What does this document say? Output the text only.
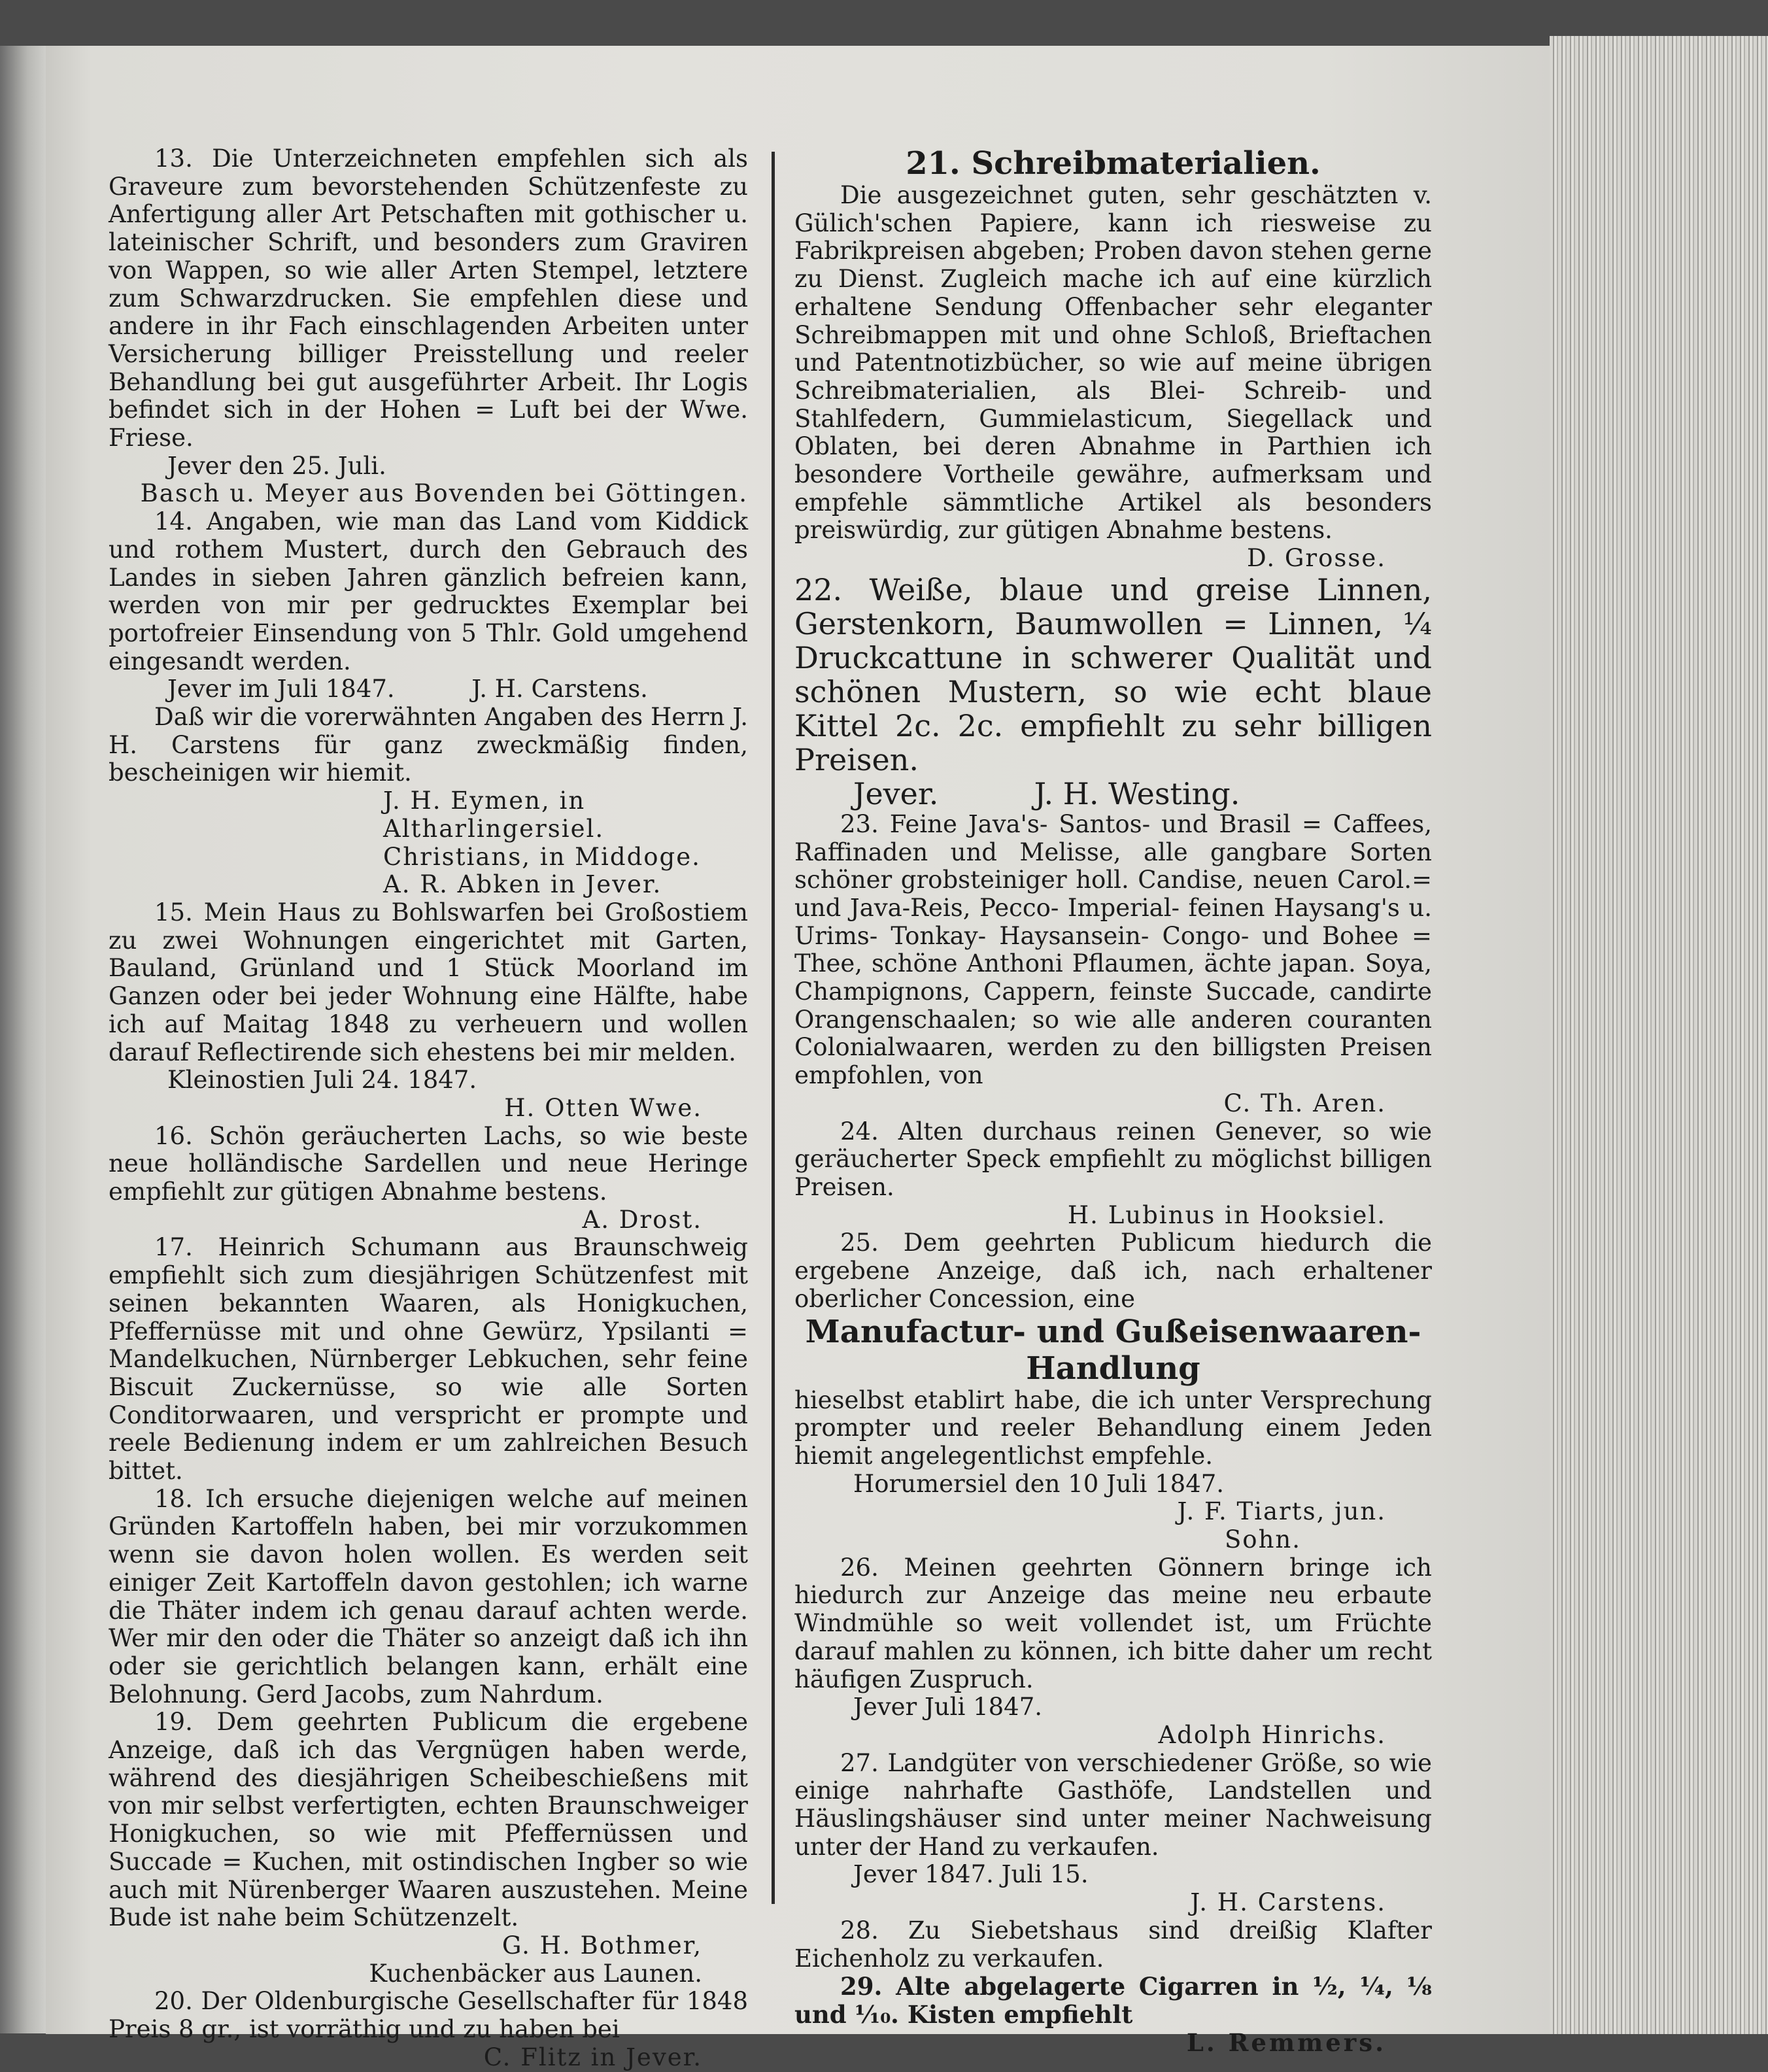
13. Die Unterzeichneten empfehlen sich als Graveure zum bevorstehenden Schützenfeste zu Anfertigung aller Art Petschaften mit gothischer u. lateinischer Schrift, und besonders zum Graviren von Wappen, so wie aller Arten Stempel, letztere zum Schwarzdrucken. Sie empfehlen diese und andere in ihr Fach einschlagenden Arbeiten unter Versicherung billiger Preisstellung und reeler Behandlung bei gut ausgeführter Arbeit. Ihr Logis befindet sich in der Hohen = Luft bei der Wwe. Friese.
Jever den 25. Juli.
Basch u. Meyer aus Bovenden bei Göttingen.
14. Angaben, wie man das Land vom Kiddick und rothem Mustert, durch den Gebrauch des Landes in sieben Jahren gänzlich befreien kann, werden von mir per gedrucktes Exemplar bei portofreier Einsendung von 5 Thlr. Gold umgehend eingesandt werden.
Jever im Juli 1847.          J. H. Carstens.
Daß wir die vorerwähnten Angaben des Herrn J. H. Carstens für ganz zweckmäßig finden, bescheinigen wir hiemit.
J. H. Eymen, in Altharlingersiel.
Christians, in Middoge.
A. R. Abken in Jever.
15. Mein Haus zu Bohlswarfen bei Großostiem zu zwei Wohnungen eingerichtet mit Garten, Bauland, Grünland und 1 Stück Moorland im Ganzen oder bei jeder Wohnung eine Hälfte, habe ich auf Maitag 1848 zu verheuern und wollen darauf Reflectirende sich ehestens bei mir melden.
Kleinostien Juli 24. 1847.
H. Otten Wwe.
16. Schön geräucherten Lachs, so wie beste neue holländische Sardellen und neue Heringe empfiehlt zur gütigen Abnahme bestens.
A. Drost.
17. Heinrich Schumann aus Braunschweig empfiehlt sich zum diesjährigen Schützenfest mit seinen bekannten Waaren, als Honigkuchen, Pfeffernüsse mit und ohne Gewürz, Ypsilanti = Mandelkuchen, Nürnberger Lebkuchen, sehr feine Biscuit Zuckernüsse, so wie alle Sorten Conditorwaaren, und verspricht er prompte und reele Bedienung indem er um zahlreichen Besuch bittet.
18. Ich ersuche diejenigen welche auf meinen Gründen Kartoffeln haben, bei mir vorzukommen wenn sie davon holen wollen. Es werden seit einiger Zeit Kartoffeln davon gestohlen; ich warne die Thäter indem ich genau darauf achten werde. Wer mir den oder die Thäter so anzeigt daß ich ihn oder sie gerichtlich belangen kann, erhält eine Belohnung. Gerd Jacobs, zum Nahrdum.
19. Dem geehrten Publicum die ergebene Anzeige, daß ich das Vergnügen haben werde, während des diesjährigen Scheibeschießens mit von mir selbst verfertigten, echten Braunschweiger Honigkuchen, so wie mit Pfeffernüssen und Succade = Kuchen, mit ostindischen Ingber so wie auch mit Nürenberger Waaren auszustehen. Meine Bude ist nahe beim Schützenzelt.
G. H. Bothmer,
Kuchenbäcker aus Launen.
20. Der Oldenburgische Gesellschafter für 1848 Preis 8 gr., ist vorräthig und zu haben bei
C. Flitz in Jever.
21. Schreibmaterialien.
Die ausgezeichnet guten, sehr geschätzten v. Gülich'schen Papiere, kann ich riesweise zu Fabrikpreisen abgeben; Proben davon stehen gerne zu Dienst. Zugleich mache ich auf eine kürzlich erhaltene Sendung Offenbacher sehr eleganter Schreibmappen mit und ohne Schloß, Brieftachen und Patentnotizbücher, so wie auf meine übrigen Schreibmaterialien, als Blei- Schreib- und Stahlfedern, Gummielasticum, Siegellack und Oblaten, bei deren Abnahme in Parthien ich besondere Vortheile gewähre, aufmerksam und empfehle sämmtliche Artikel als besonders preiswürdig, zur gütigen Abnahme bestens.
D. Grosse.
22. Weiße, blaue und greise Linnen, Gerstenkorn, Baumwollen = Linnen, ¼ Druckcattune in schwerer Qualität und schönen Mustern, so wie echt blaue Kittel 2c. 2c. empfiehlt zu sehr billigen Preisen.
Jever.          J. H. Westing.
23. Feine Java's- Santos- und Brasil = Caffees, Raffinaden und Melisse, alle gangbare Sorten schöner grobsteiniger holl. Candise, neuen Carol.= und Java-Reis, Pecco- Imperial- feinen Haysang's u. Urims- Tonkay- Haysansein- Congo- und Bohee = Thee, schöne Anthoni Pflaumen, ächte japan. Soya, Champignons, Cappern, feinste Succade, candirte Orangenschaalen; so wie alle anderen couranten Colonialwaaren, werden zu den billigsten Preisen empfohlen, von
C. Th. Aren.
24. Alten durchaus reinen Genever, so wie geräucherter Speck empfiehlt zu möglichst billigen Preisen.
H. Lubinus in Hooksiel.
25. Dem geehrten Publicum hiedurch die ergebene Anzeige, daß ich, nach erhaltener oberlicher Concession, eine
Manufactur- und Gußeisenwaaren-Handlung
hieselbst etablirt habe, die ich unter Versprechung prompter und reeler Behandlung einem Jeden hiemit angelegentlichst empfehle.
Horumersiel den 10 Juli 1847.
J. F. Tiarts, jun.
Sohn.
26. Meinen geehrten Gönnern bringe ich hiedurch zur Anzeige das meine neu erbaute Windmühle so weit vollendet ist, um Früchte darauf mahlen zu können, ich bitte daher um recht häufigen Zuspruch.
Jever Juli 1847.
Adolph Hinrichs.
27. Landgüter von verschiedener Größe, so wie einige nahrhafte Gasthöfe, Landstellen und Häuslingshäuser sind unter meiner Nachweisung unter der Hand zu verkaufen.
Jever 1847. Juli 15.
J. H. Carstens.
28. Zu Siebetshaus sind dreißig Klafter Eichenholz zu verkaufen.
29. Alte abgelagerte Cigarren in ½, ¼, ⅛ und ⅒. Kisten empfiehlt
L. Remmers.
